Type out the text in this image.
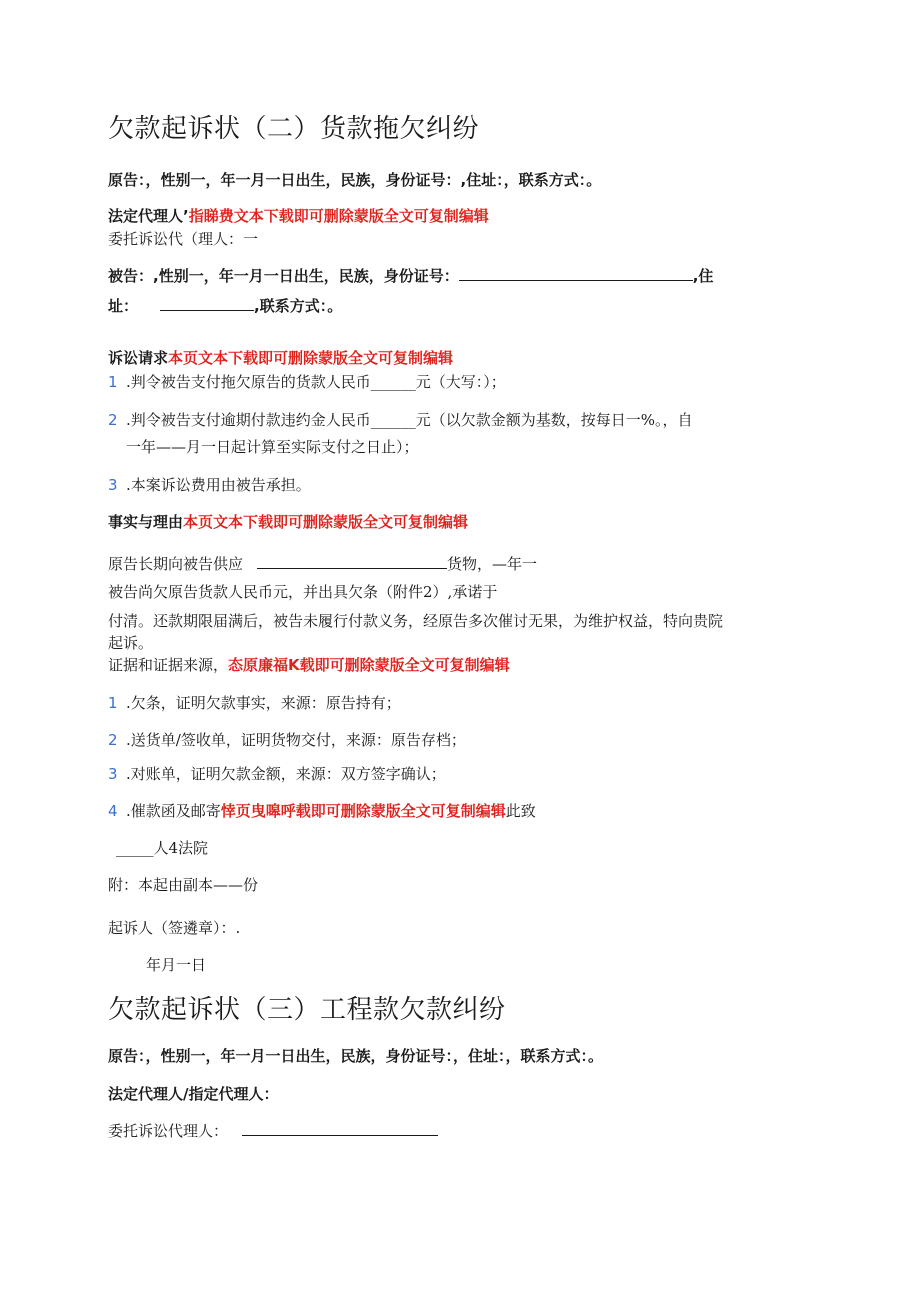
欠款起诉状（二）货款拖欠纠纷
原告：，性别一，年一月一日出生，民族，身份证号：,住址：，联系方式：。
法定代理人’指睇费文本下载即可删除蒙版全文可复制编辑
委托诉讼代（理人：一
被告：,性别一，年一月一日出生，民族，身份证号：	,住
址：	,联系方式：。
诉讼请求本页文本下载即可删除蒙版全文可复制编辑
1 .判令被告支付拖欠原告的货款人民币______元（大写：）；
2 .判令被告支付逾期付款违约金人民币______元（以欠款金额为基数，按每日一%。，自
一年——月一日起计算至实际支付之日止）；
3 .本案诉讼费用由被告承担。
事实与理由本页文本下载即可删除蒙版全文可复制编辑
原告长期向被告供应	货物，—年一
被告尚欠原告货款人民币元，并出具欠条（附件2）,承诺于
付清。还款期限届满后，被告未履行付款义务，经原告多次催讨无果，为维护权益，特向贵院
起诉。
证据和证据来源，态原廉福K载即可删除蒙版全文可复制编辑
1 .欠条，证明欠款事实，来源：原告持有；
2 .送货单/签收单，证明货物交付，来源：原告存档；
3 .对账单，证明欠款金额，来源：双方签字确认；
4 .催款函及邮寄悻页曳嗥呼载即可删除蒙版全文可复制编辑此致
_____人4法院
附：本起由副本——份
起诉人（签遴章）：.
年月一日
欠款起诉状（三）工程款欠款纠纷
原告：，性别一，年一月一日出生，民族，身份证号：，住址：，联系方式：。
法定代理人/指定代理人：
委托诉讼代理人：
